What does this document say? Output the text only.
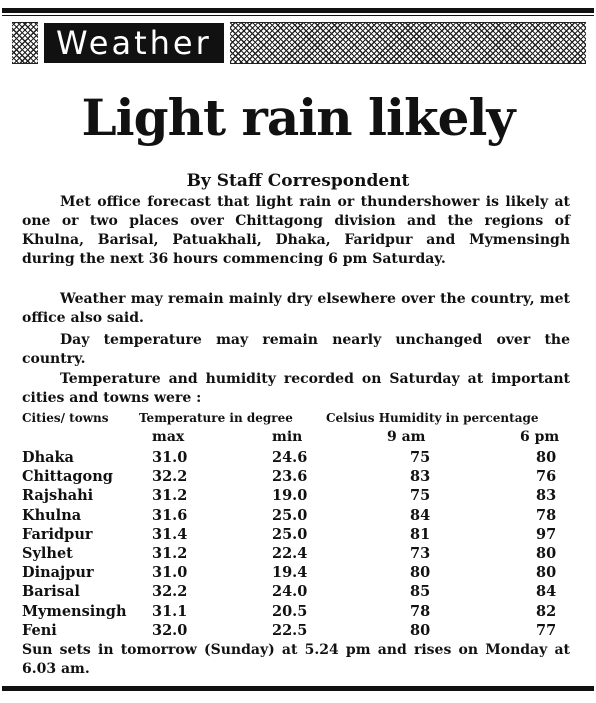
Weather
Light rain likely
By Staff Correspondent
Met office forecast that light rain or thundershower is likely at one or two places over Chittagong division and the regions of Khulna, Barisal, Patuakhali, Dhaka, Faridpur and Mymensingh during the next 36 hours commencing 6 pm Saturday.
Weather may remain mainly dry elsewhere over the country, met office also said.
Day temperature may remain nearly unchanged over the country.
Temperature and humidity recorded on Saturday at important cities and towns were :
Cities/ towns	Temperature in degree	Celsius Humidity in percentage
max	min	9 am	6 pm
Dhaka	31.0	24.6	75	80
Chittagong	32.2	23.6	83	76
Rajshahi	31.2	19.0	75	83
Khulna	31.6	25.0	84	78
Faridpur	31.4	25.0	81	97
Sylhet	31.2	22.4	73	80
Dinajpur	31.0	19.4	80	80
Barisal	32.2	24.0	85	84
Mymensingh 31.1	20.5	78	82
Feni	32.0	22.5	80	77
Sun sets in tomorrow (Sunday) at 5.24 pm and rises on Monday at 6.03 am.
